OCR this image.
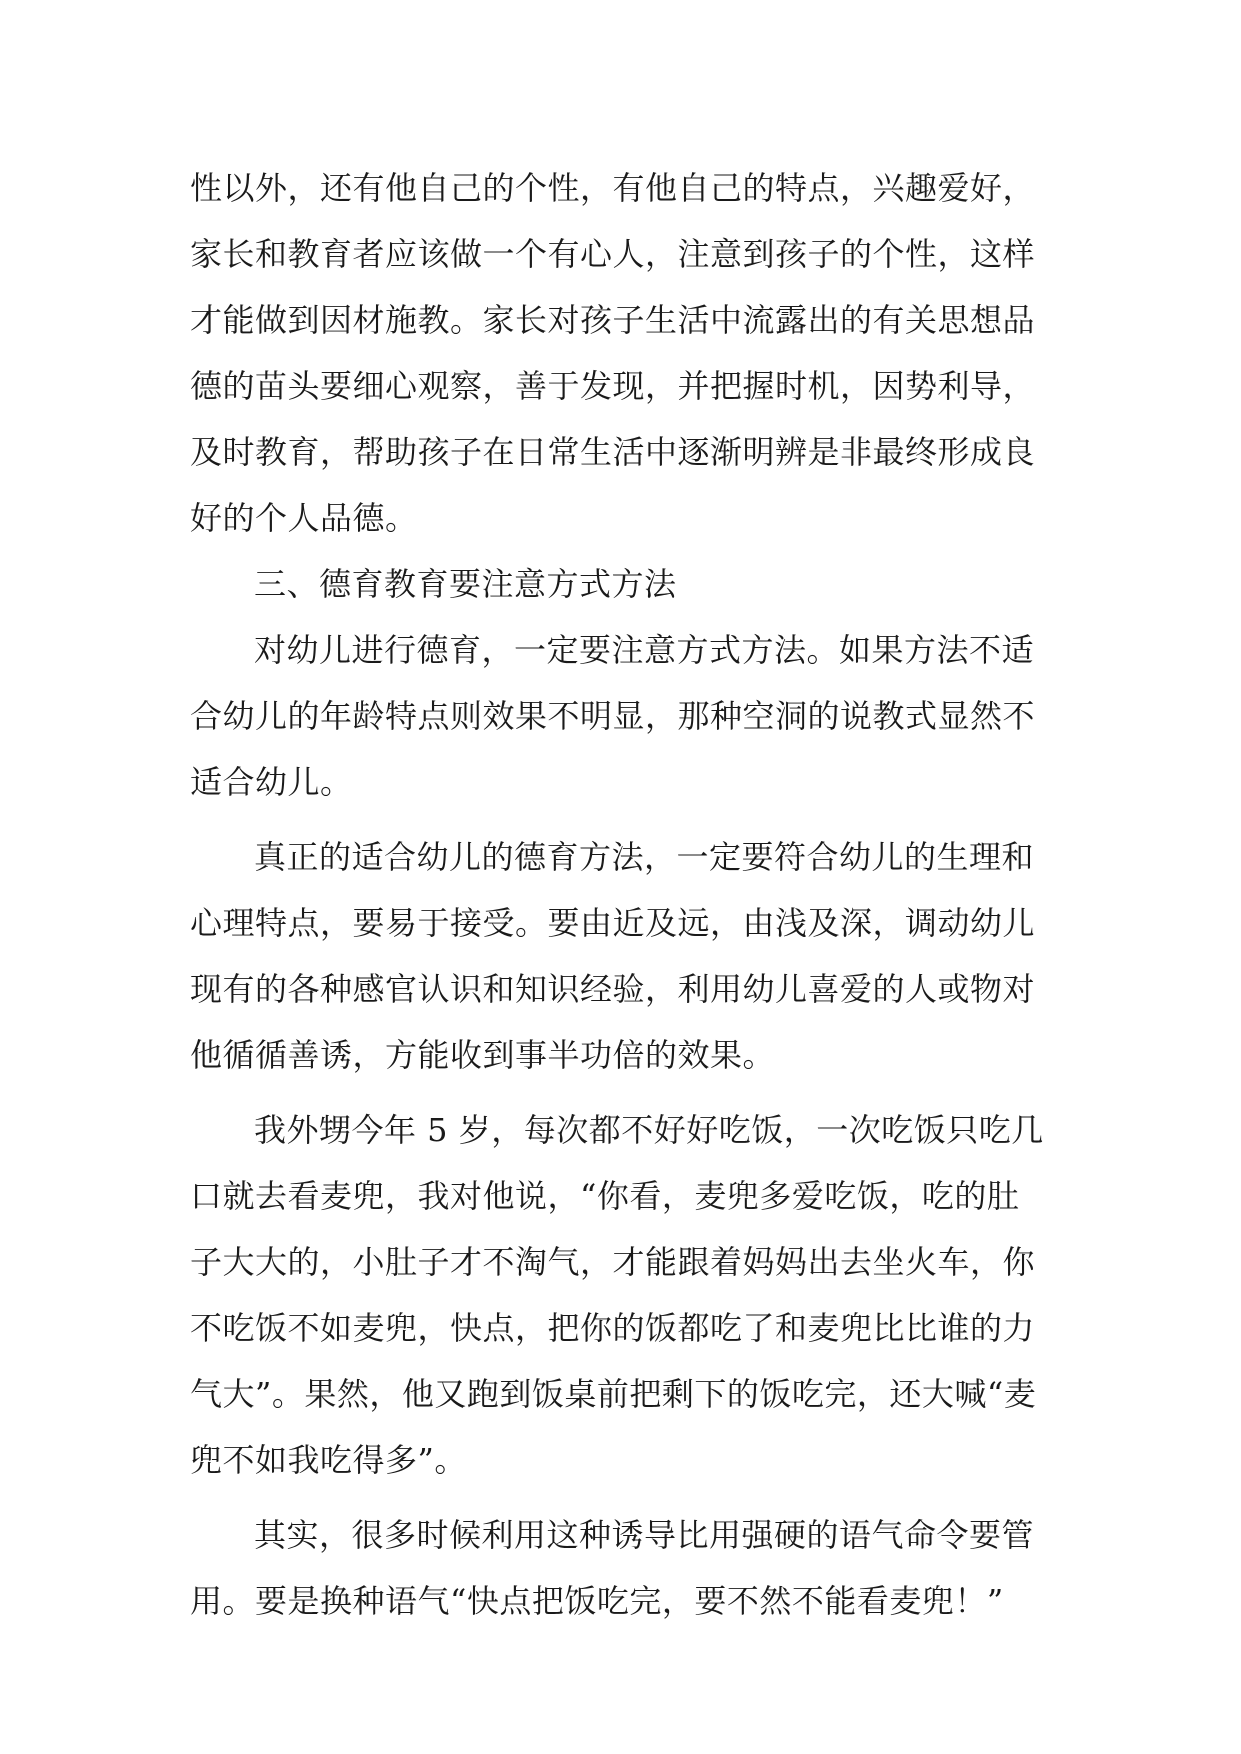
性以外，还有他自己的个性，有他自己的特点，兴趣爱好，
家长和教育者应该做一个有心人，注意到孩子的个性，这样
才能做到因材施教。家长对孩子生活中流露出的有关思想品
德的苗头要细心观察，善于发现，并把握时机，因势利导，
及时教育，帮助孩子在日常生活中逐渐明辨是非最终形成良
好的个人品德。
三、德育教育要注意方式方法
对幼儿进行德育，一定要注意方式方法。如果方法不适
合幼儿的年龄特点则效果不明显，那种空洞的说教式显然不
适合幼儿。
真正的适合幼儿的德育方法，一定要符合幼儿的生理和
心理特点，要易于接受。要由近及远，由浅及深，调动幼儿
现有的各种感官认识和知识经验，利用幼儿喜爱的人或物对
他循循善诱，方能收到事半功倍的效果。
我外甥今年 5 岁，每次都不好好吃饭，一次吃饭只吃几
口就去看麦兜，我对他说，“你看，麦兜多爱吃饭，吃的肚
子大大的，小肚子才不淘气，才能跟着妈妈出去坐火车，你
不吃饭不如麦兜，快点，把你的饭都吃了和麦兜比比谁的力
气大”。果然，他又跑到饭桌前把剩下的饭吃完，还大喊“麦
兜不如我吃得多”。
其实，很多时候利用这种诱导比用强硬的语气命令要管
用。要是换种语气“快点把饭吃完，要不然不能看麦兜！”
